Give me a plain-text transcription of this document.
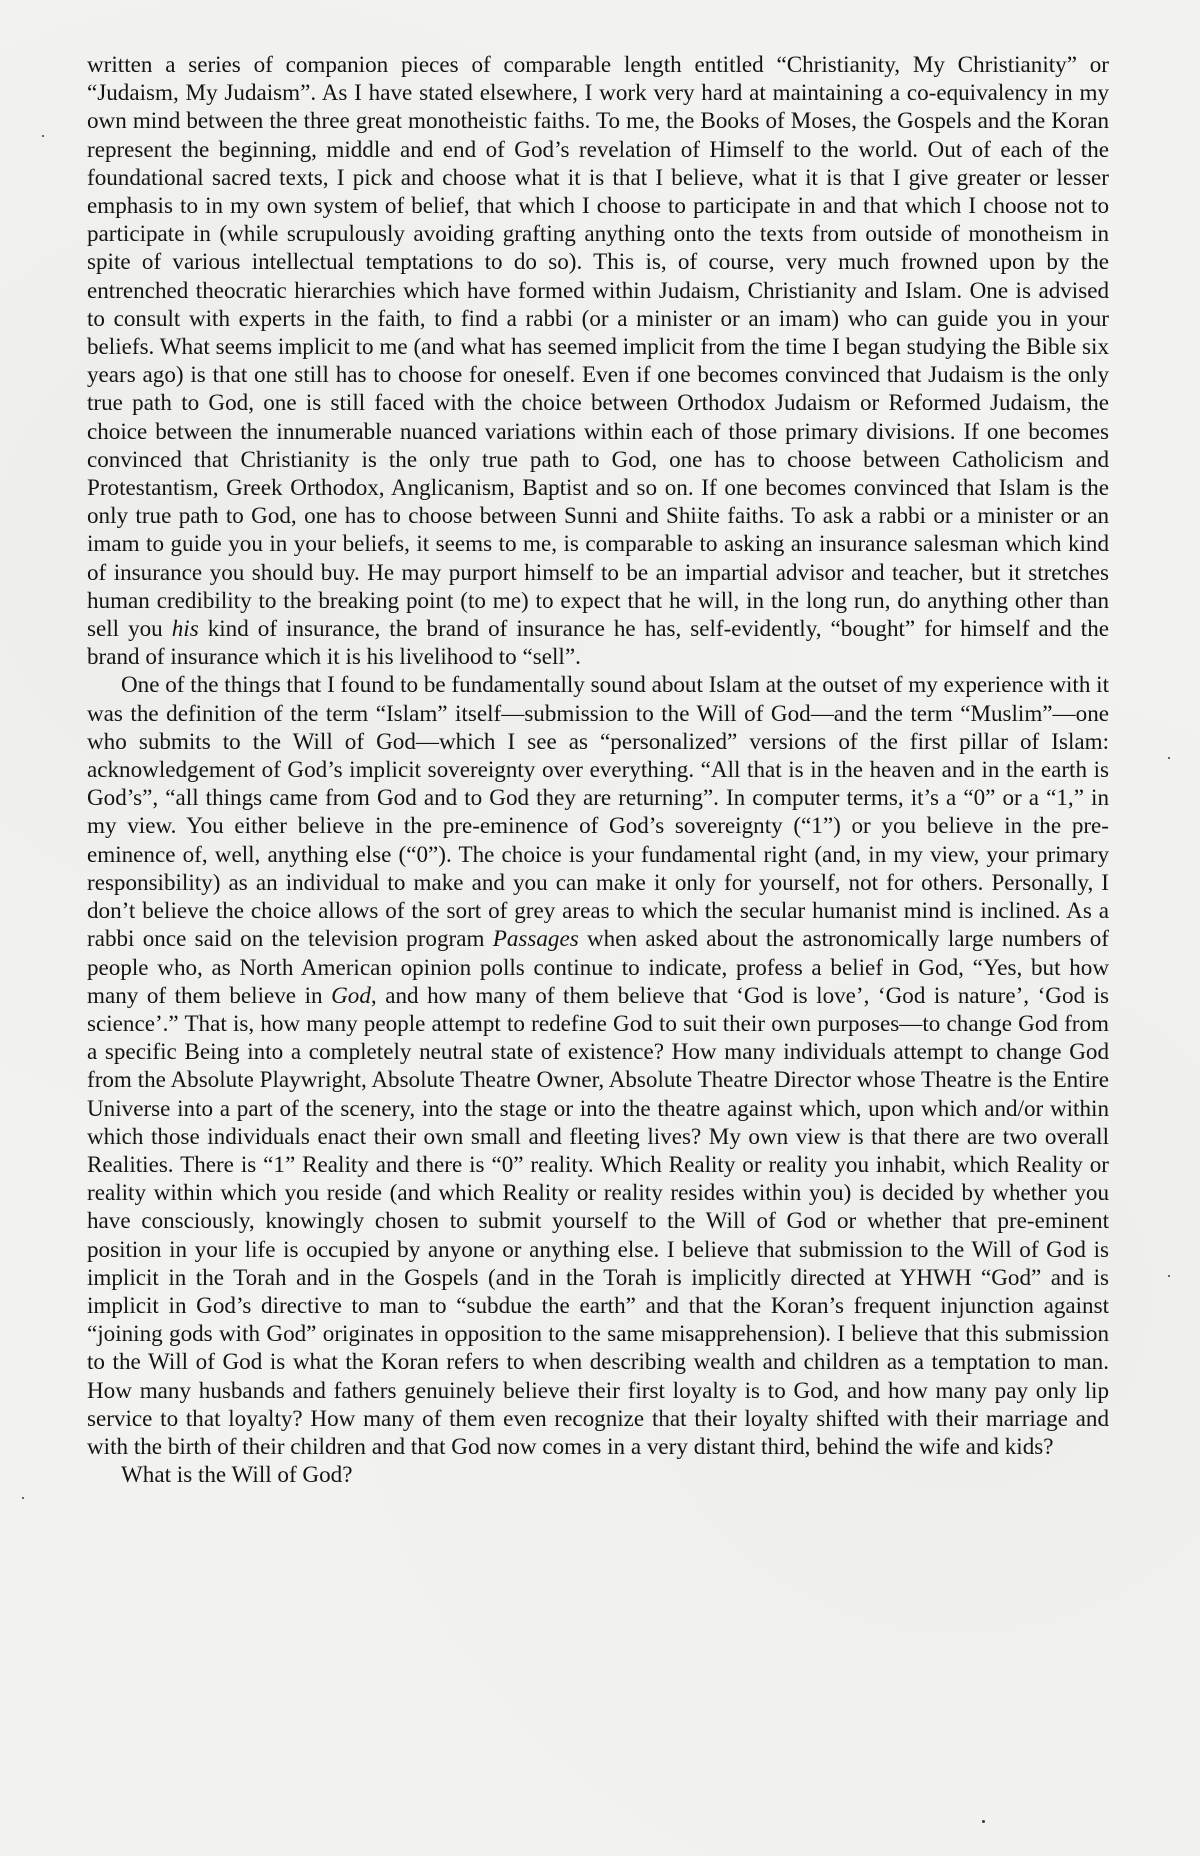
written a series of companion pieces of comparable length entitled “Christianity, My Christianity” or “Judaism, My Judaism”. As I have stated elsewhere, I work very hard at maintaining a co-equivalency in my own mind between the three great monotheistic faiths. To me, the Books of Moses, the Gospels and the Koran represent the beginning, middle and end of God’s revelation of Himself to the world. Out of each of the foundational sacred texts, I pick and choose what it is that I believe, what it is that I give greater or lesser emphasis to in my own system of belief, that which I choose to participate in and that which I choose not to participate in (while scrupulously avoiding grafting anything onto the texts from outside of monotheism in spite of various intellectual temptations to do so). This is, of course, very much frowned upon by the entrenched theocratic hierarchies which have formed within Judaism, Christianity and Islam. One is advised to consult with experts in the faith, to find a rabbi (or a minister or an imam) who can guide you in your beliefs. What seems implicit to me (and what has seemed implicit from the time I began studying the Bible six years ago) is that one still has to choose for oneself. Even if one becomes convinced that Judaism is the only true path to God, one is still faced with the choice between Orthodox Judaism or Reformed Judaism, the choice between the innumerable nuanced variations within each of those primary divisions. If one becomes convinced that Christianity is the only true path to God, one has to choose between Catholicism and Protestantism, Greek Orthodox, Anglicanism, Baptist and so on. If one becomes convinced that Islam is the only true path to God, one has to choose between Sunni and Shiite faiths. To ask a rabbi or a minister or an imam to guide you in your beliefs, it seems to me, is comparable to asking an insurance salesman which kind of insurance you should buy. He may purport himself to be an impartial advisor and teacher, but it stretches human credibility to the breaking point (to me) to expect that he will, in the long run, do anything other than sell you his kind of insurance, the brand of insurance he has, self-evidently, “bought” for himself and the brand of insurance which it is his livelihood to “sell”.

One of the things that I found to be fundamentally sound about Islam at the outset of my experience with it was the definition of the term “Islam” itself—submission to the Will of God—and the term “Muslim”—one who submits to the Will of God—which I see as “personalized” versions of the first pillar of Islam: acknowledgement of God’s implicit sovereignty over everything. “All that is in the heaven and in the earth is God’s”, “all things came from God and to God they are returning”. In computer terms, it’s a “0” or a “1,” in my view. You either believe in the pre-eminence of God’s sovereignty (“1”) or you believe in the pre-eminence of, well, anything else (“0”). The choice is your fundamental right (and, in my view, your primary responsibility) as an individual to make and you can make it only for yourself, not for others. Personally, I don’t believe the choice allows of the sort of grey areas to which the secular humanist mind is inclined. As a rabbi once said on the television program Passages when asked about the astronomically large numbers of people who, as North American opinion polls continue to indicate, profess a belief in God, “Yes, but how many of them believe in God, and how many of them believe that ‘God is love’, ‘God is nature’, ‘God is science’.” That is, how many people attempt to redefine God to suit their own purposes—to change God from a specific Being into a completely neutral state of existence? How many individuals attempt to change God from the Absolute Playwright, Absolute Theatre Owner, Absolute Theatre Director whose Theatre is the Entire Universe into a part of the scenery, into the stage or into the theatre against which, upon which and/or within which those individuals enact their own small and fleeting lives? My own view is that there are two overall Realities. There is “1” Reality and there is “0” reality. Which Reality or reality you inhabit, which Reality or reality within which you reside (and which Reality or reality resides within you) is decided by whether you have consciously, knowingly chosen to submit yourself to the Will of God or whether that pre-eminent position in your life is occupied by anyone or anything else. I believe that submission to the Will of God is implicit in the Torah and in the Gospels (and in the Torah is implicitly directed at YHWH “God” and is implicit in God’s directive to man to “subdue the earth” and that the Koran’s frequent injunction against “joining gods with God” originates in opposition to the same misapprehension). I believe that this submission to the Will of God is what the Koran refers to when describing wealth and children as a temptation to man. How many husbands and fathers genuinely believe their first loyalty is to God, and how many pay only lip service to that loyalty? How many of them even recognize that their loyalty shifted with their marriage and with the birth of their children and that God now comes in a very distant third, behind the wife and kids?

What is the Will of God?
